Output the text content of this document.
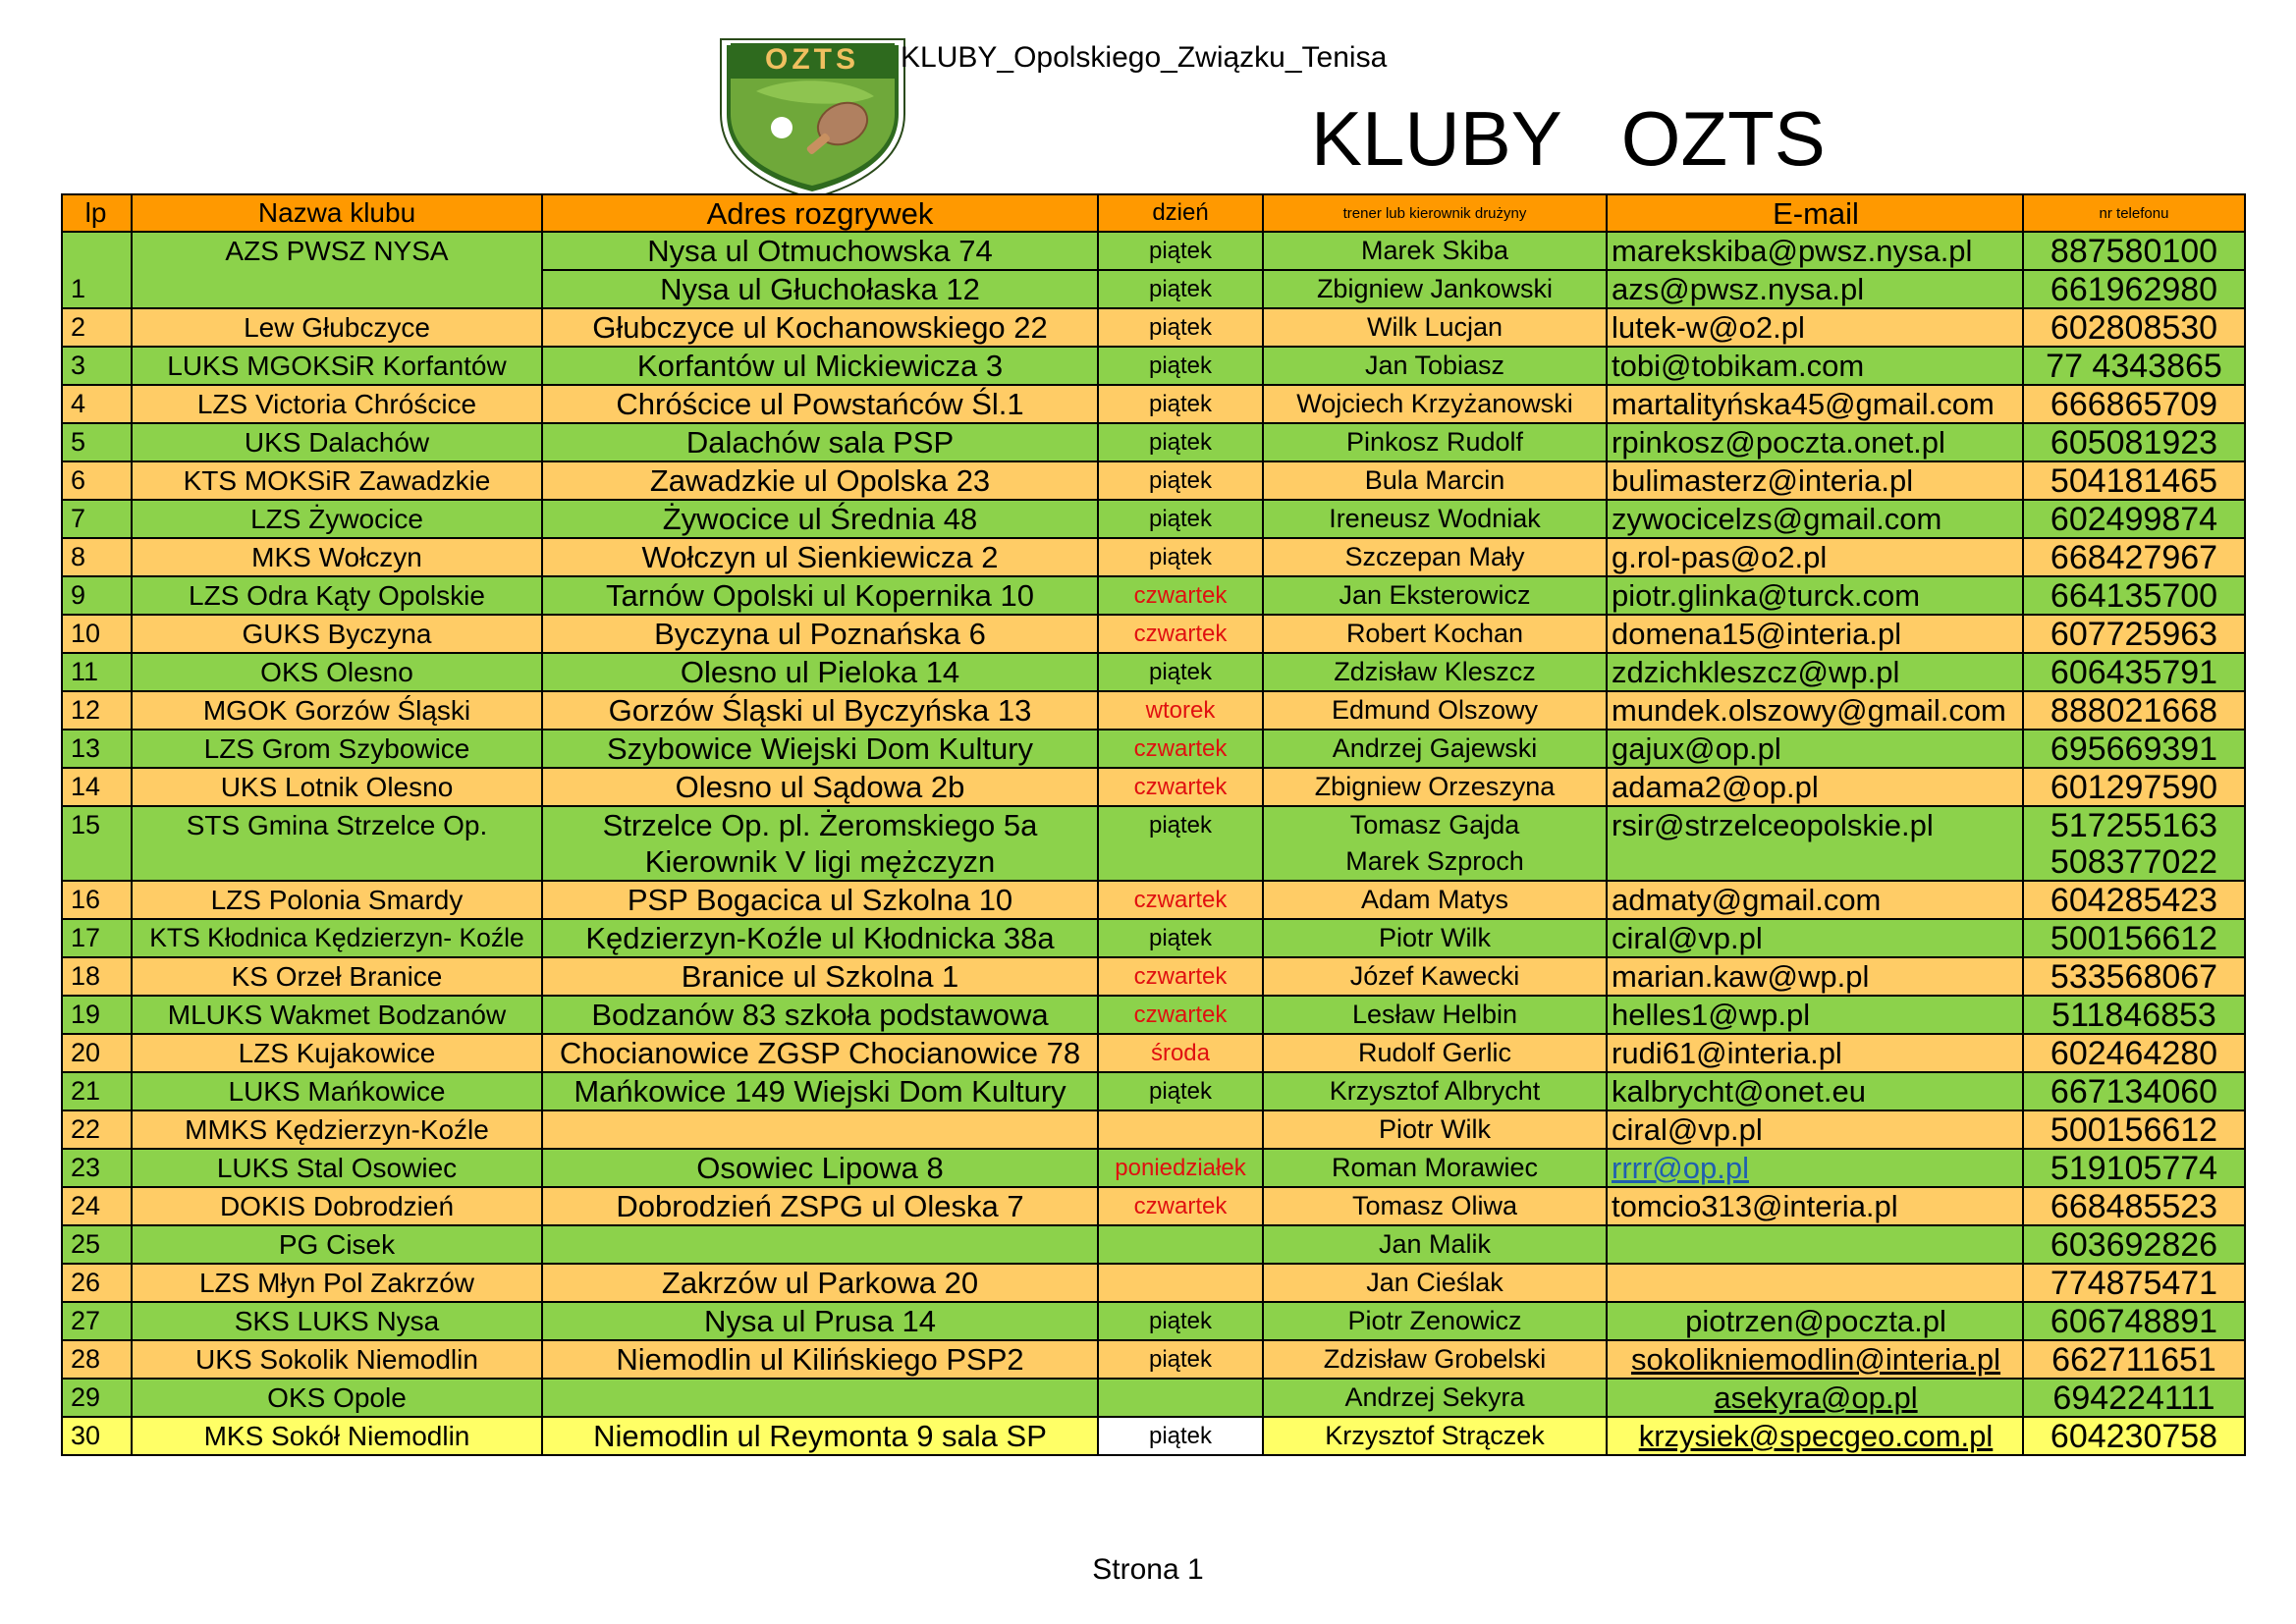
OZTS KLUBY_Opolskiego_Związku_Tenisa
KLUBY OZTS
lp	Nazwa klubu	Adres rozgrywek	dzień	trener lub kierownik drużyny	E-mail	nr telefonu
	AZS PWSZ NYSA	Nysa ul Otmuchowska 74	piątek	Marek Skiba	marekskiba@pwsz.nysa.pl	887580100
1		Nysa ul Głuchołaska 12	piątek	Zbigniew Jankowski	azs@pwsz.nysa.pl	661962980
2	Lew Głubczyce	Głubczyce ul Kochanowskiego 22	piątek	Wilk Lucjan	lutek-w@o2.pl	602808530
3	LUKS MGOKSiR Korfantów	Korfantów ul Mickiewicza 3	piątek	Jan Tobiasz	tobi@tobikam.com	77 4343865
4	LZS Victoria Chróścice	Chróścice ul Powstańców Śl.1	piątek	Wojciech Krzyżanowski	martalityńska45@gmail.com	666865709
5	UKS Dalachów	Dalachów sala PSP	piątek	Pinkosz Rudolf	rpinkosz@poczta.onet.pl	605081923
6	KTS MOKSiR Zawadzkie	Zawadzkie ul Opolska 23	piątek	Bula Marcin	bulimasterz@interia.pl	504181465
7	LZS Żywocice	Żywocice ul Średnia 48	piątek	Ireneusz Wodniak	zywocicelzs@gmail.com	602499874
8	MKS Wołczyn	Wołczyn ul Sienkiewicza 2	piątek	Szczepan Mały	g.rol-pas@o2.pl	668427967
9	LZS Odra Kąty Opolskie	Tarnów Opolski ul Kopernika 10	czwartek	Jan Eksterowicz	piotr.glinka@turck.com	664135700
10	GUKS Byczyna	Byczyna ul Poznańska 6	czwartek	Robert Kochan	domena15@interia.pl	607725963
11	OKS Olesno	Olesno ul Pieloka 14	piątek	Zdzisław Kleszcz	zdzichkleszcz@wp.pl	606435791
12	MGOK Gorzów Śląski	Gorzów Śląski ul Byczyńska 13	wtorek	Edmund Olszowy	mundek.olszowy@gmail.com	888021668
13	LZS Grom Szybowice	Szybowice Wiejski Dom Kultury	czwartek	Andrzej Gajewski	gajux@op.pl	695669391
14	UKS Lotnik Olesno	Olesno ul Sądowa 2b	czwartek	Zbigniew Orzeszyna	adama2@op.pl	601297590
15	STS Gmina Strzelce Op.	Strzelce Op. pl. Żeromskiego 5a	piątek	Tomasz Gajda	rsir@strzelceopolskie.pl	517255163
		Kierownik V ligi mężczyzn		Marek Szproch		508377022
16	LZS Polonia Smardy	PSP Bogacica ul Szkolna 10	czwartek	Adam Matys	admaty@gmail.com	604285423
17	KTS Kłodnica Kędzierzyn- Koźle	Kędzierzyn-Koźle ul Kłodnicka 38a	piątek	Piotr Wilk	ciral@vp.pl	500156612
18	KS Orzeł Branice	Branice ul Szkolna 1	czwartek	Józef Kawecki	marian.kaw@wp.pl	533568067
19	MLUKS Wakmet Bodzanów	Bodzanów 83 szkoła podstawowa	czwartek	Lesław Helbin	helles1@wp.pl	511846853
20	LZS Kujakowice	Chocianowice ZGSP Chocianowice 78	środa	Rudolf Gerlic	rudi61@interia.pl	602464280
21	LUKS Mańkowice	Mańkowice 149 Wiejski Dom Kultury	piątek	Krzysztof Albrycht	kalbrycht@onet.eu	667134060
22	MMKS Kędzierzyn-Koźle			Piotr Wilk	ciral@vp.pl	500156612
23	LUKS Stal Osowiec	Osowiec Lipowa 8	poniedziałek	Roman Morawiec	rrrr@op.pl	519105774
24	DOKIS Dobrodzień	Dobrodzień ZSPG ul Oleska 7	czwartek	Tomasz Oliwa	tomcio313@interia.pl	668485523
25	PG Cisek			Jan Malik		603692826
26	LZS Młyn Pol Zakrzów	Zakrzów ul Parkowa 20		Jan Cieślak		774875471
27	SKS LUKS Nysa	Nysa ul Prusa 14	piątek	Piotr Zenowicz	piotrzen@poczta.pl	606748891
28	UKS Sokolik Niemodlin	Niemodlin ul Kilińskiego PSP2	piątek	Zdzisław Grobelski	sokolikniemodlin@interia.pl	662711651
29	OKS Opole			Andrzej Sekyra	asekyra@op.pl	694224111
30	MKS Sokół Niemodlin	Niemodlin ul Reymonta 9 sala SP	piątek	Krzysztof Strączek	krzysiek@specgeo.com.pl	604230758
Strona 1
